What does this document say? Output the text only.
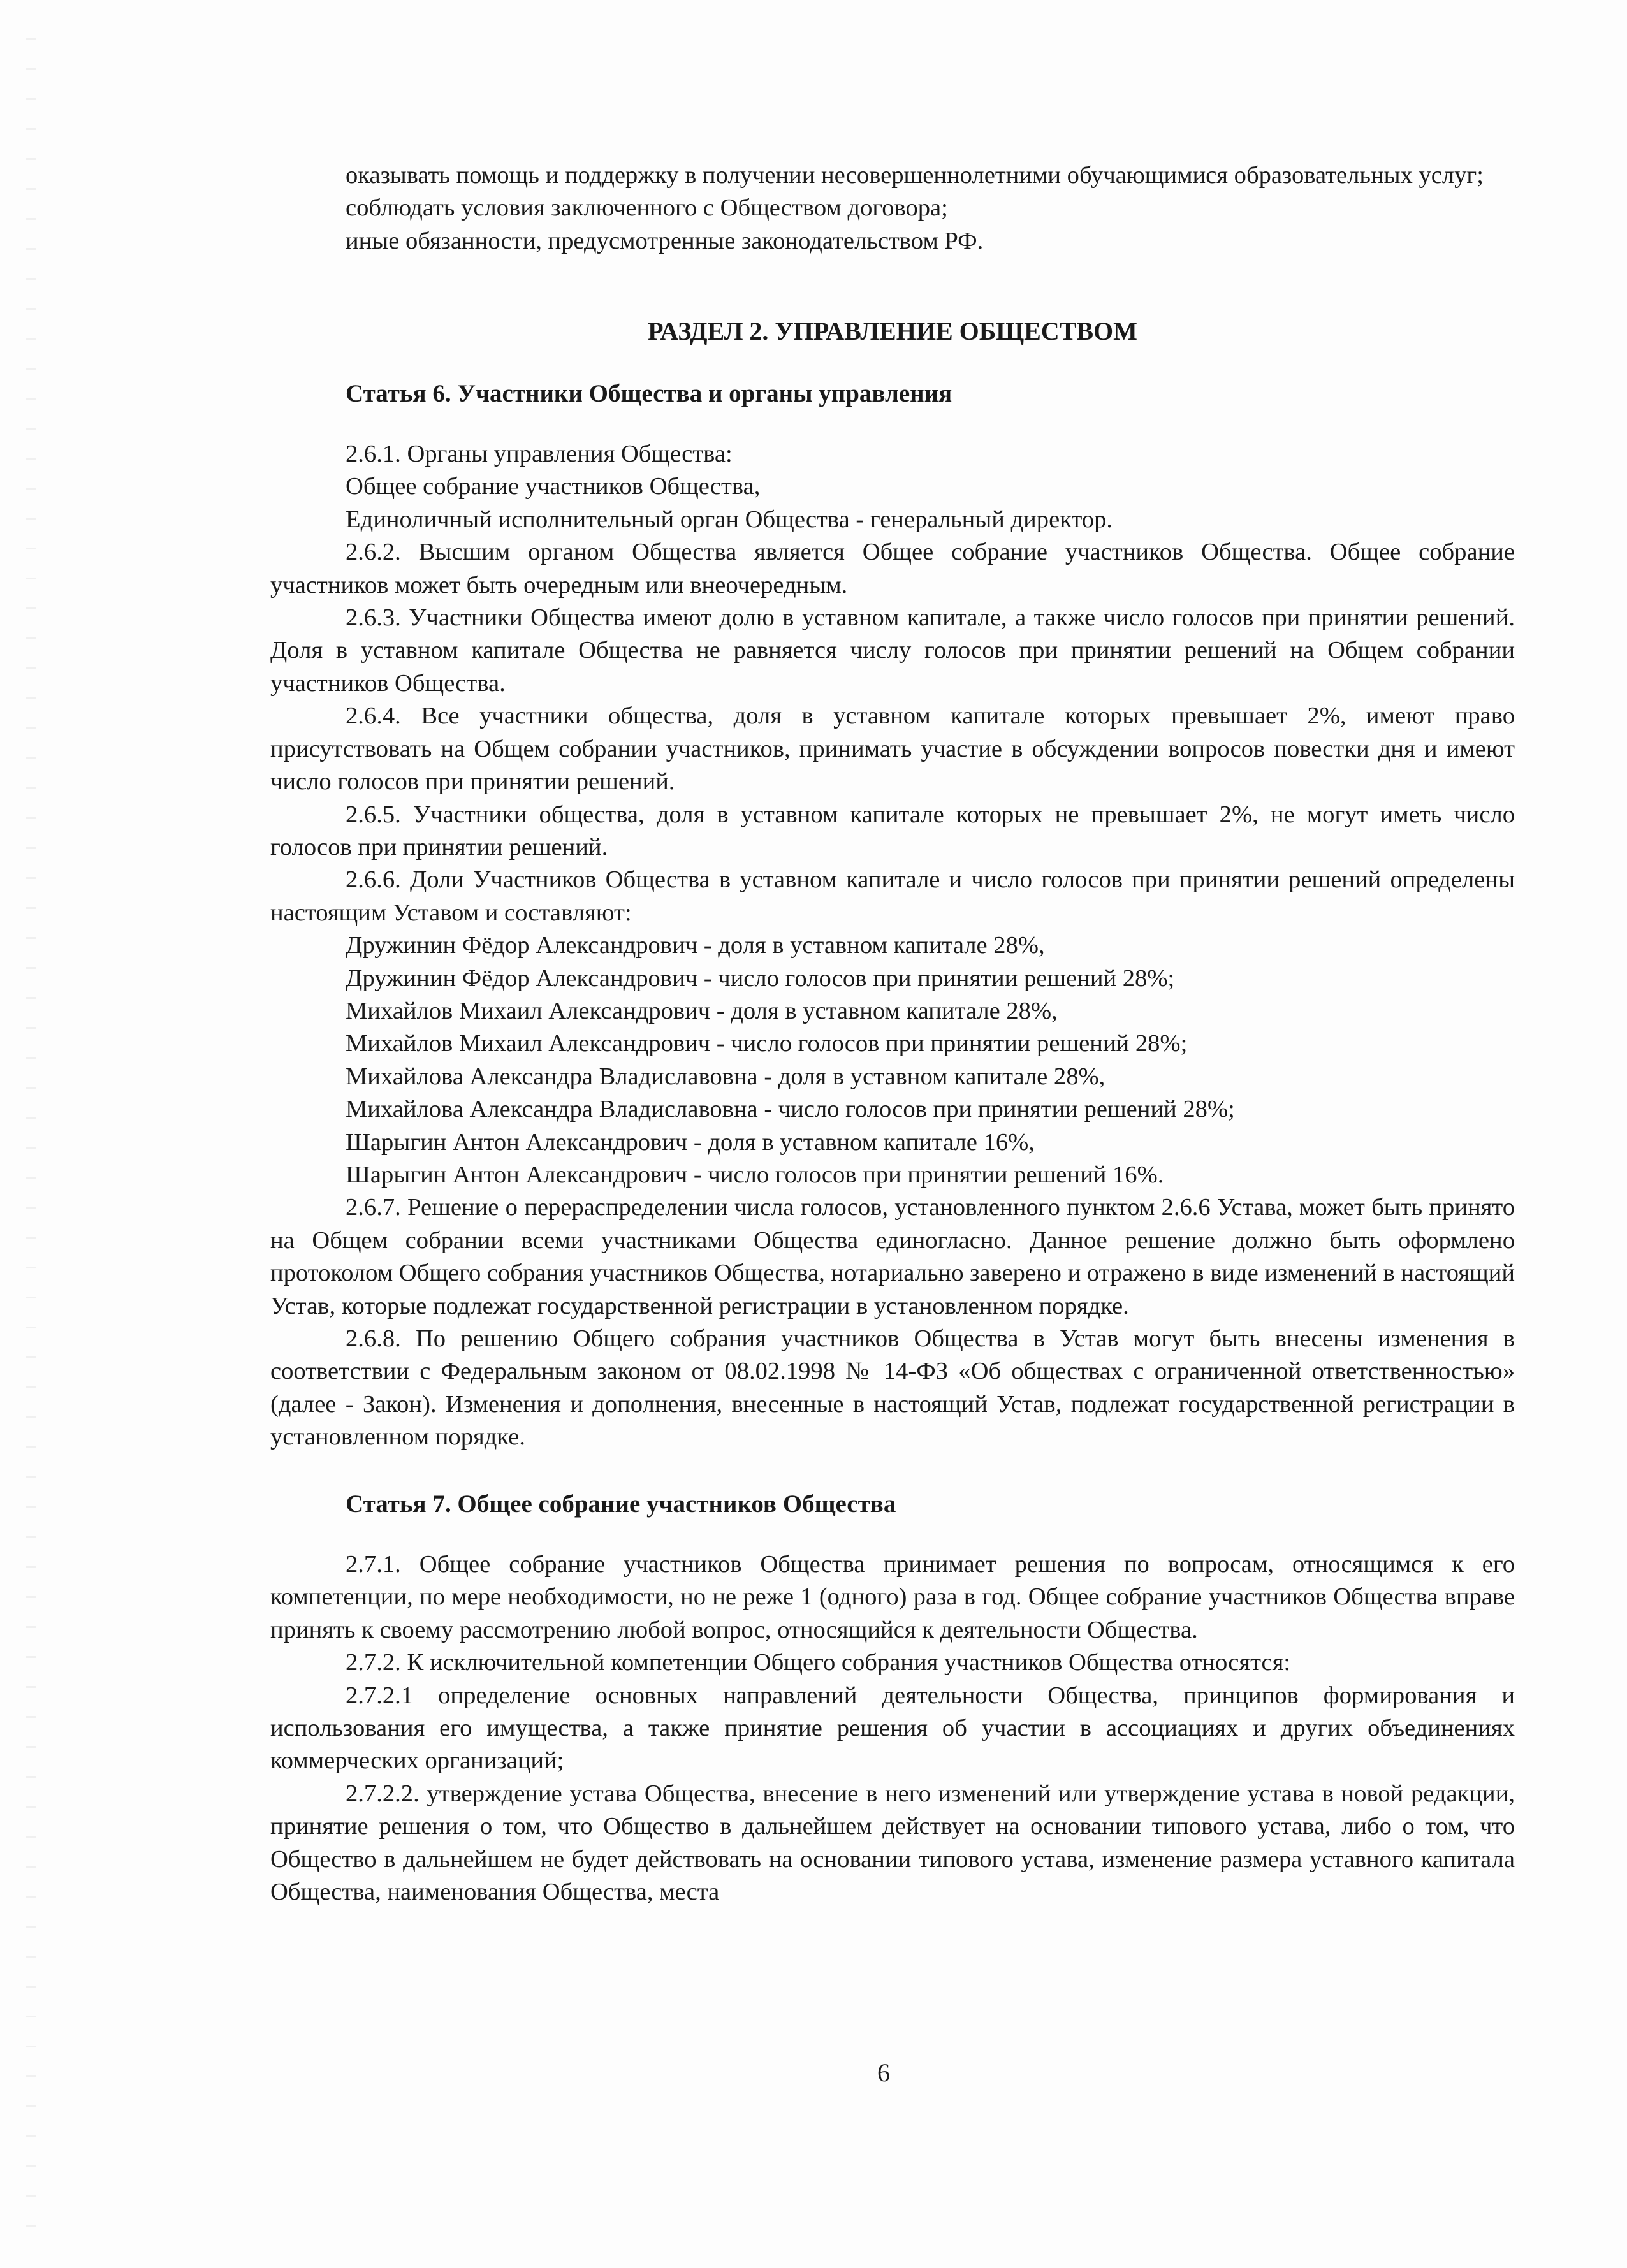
оказывать помощь и поддержку в получении несовершеннолетними обучающимися образовательных услуг;

соблюдать условия заключенного с Обществом договора;

иные обязанности, предусмотренные законодательством РФ.

РАЗДЕЛ 2. УПРАВЛЕНИЕ ОБЩЕСТВОМ
Статья 6. Участники Общества и органы управления

2.6.1. Органы управления Общества:

Общее собрание участников Общества,

Единоличный исполнительный орган Общества - генеральный директор.

2.6.2. Высшим органом Общества является Общее собрание участников Общества. Общее собрание участников может быть очередным или внеочередным.

2.6.3. Участники Общества имеют долю в уставном капитале, а также число голосов при принятии решений. Доля в уставном капитале Общества не равняется числу голосов при принятии решений на Общем собрании участников Общества.

2.6.4. Все участники общества, доля в уставном капитале которых превышает 2%, имеют право присутствовать на Общем собрании участников, принимать участие в обсуждении вопросов повестки дня и имеют число голосов при принятии решений.

2.6.5. Участники общества, доля в уставном капитале которых не превышает 2%, не могут иметь число голосов при принятии решений.

2.6.6. Доли Участников Общества в уставном капитале и число голосов при принятии решений определены настоящим Уставом и составляют:

Дружинин Фёдор Александрович - доля в уставном капитале 28%,

Дружинин Фёдор Александрович - число голосов при принятии решений 28%;

Михайлов Михаил Александрович - доля в уставном капитале 28%,

Михайлов Михаил Александрович - число голосов при принятии решений 28%;

Михайлова Александра Владиславовна - доля в уставном капитале 28%,

Михайлова Александра Владиславовна - число голосов при принятии решений 28%;

Шарыгин Антон Александрович - доля в уставном капитале 16%,

Шарыгин Антон Александрович - число голосов при принятии решений 16%.

2.6.7. Решение о перераспределении числа голосов, установленного пунктом 2.6.6 Устава, может быть принято на Общем собрании всеми участниками Общества единогласно. Данное решение должно быть оформлено протоколом Общего собрания участников Общества, нотариально заверено и отражено в виде изменений в настоящий Устав, которые подлежат государственной регистрации в установленном порядке.

2.6.8. По решению Общего собрания участников Общества в Устав могут быть внесены изменения в соответствии с Федеральным законом от 08.02.1998 № 14-ФЗ «Об обществах с ограниченной ответственностью» (далее - Закон). Изменения и дополнения, внесенные в настоящий Устав, подлежат государственной регистрации в установленном порядке.

Статья 7. Общее собрание участников Общества

2.7.1. Общее собрание участников Общества принимает решения по вопросам, относящимся к его компетенции, по мере необходимости, но не реже 1 (одного) раза в год. Общее собрание участников Общества вправе принять к своему рассмотрению любой вопрос, относящийся к деятельности Общества.

2.7.2. К исключительной компетенции Общего собрания участников Общества относятся:

2.7.2.1 определение основных направлений деятельности Общества, принципов формирования и использования его имущества, а также принятие решения об участии в ассоциациях и других объединениях коммерческих организаций;

2.7.2.2. утверждение устава Общества, внесение в него изменений или утверждение устава в новой редакции, принятие решения о том, что Общество в дальнейшем действует на основании типового устава, либо о том, что Общество в дальнейшем не будет действовать на основании типового устава, изменение размера уставного капитала Общества, наименования Общества, места

6
